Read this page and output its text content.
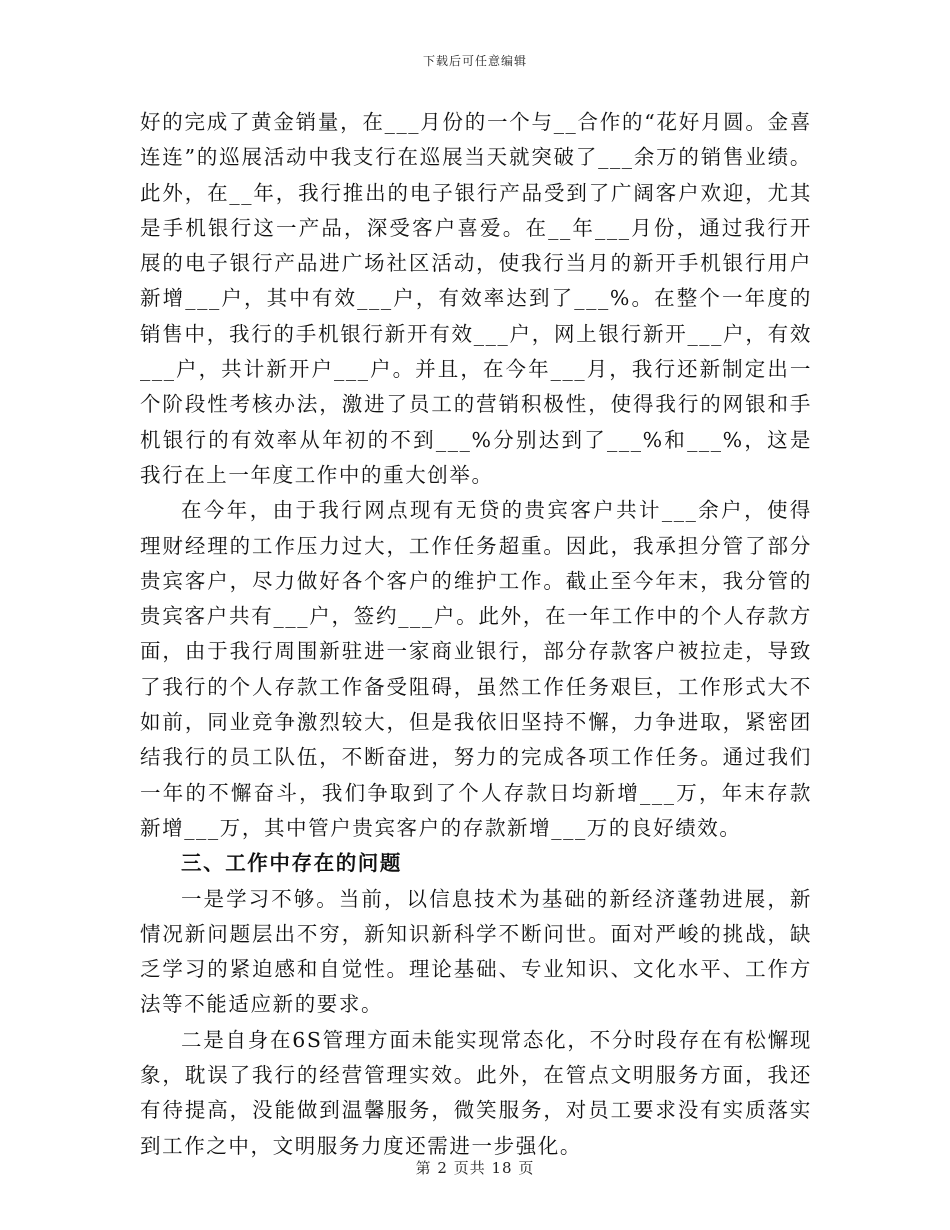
下载后可任意编辑

好的完成了黄金销量，在___月份的一个与__合作的“花好月圆。金喜连连”的巡展活动中我支行在巡展当天就突破了___余万的销售业绩。此外，在__年，我行推出的电子银行产品受到了广阔客户欢迎，尤其是手机银行这一产品，深受客户喜爱。在__年___月份，通过我行开展的电子银行产品进广场社区活动，使我行当月的新开手机银行用户新增___户，其中有效___户，有效率达到了___%。在整个一年度的销售中，我行的手机银行新开有效___户，网上银行新开___户，有效___户，共计新开户___户。并且，在今年___月，我行还新制定出一个阶段性考核办法，激进了员工的营销积极性，使得我行的网银和手机银行的有效率从年初的不到___%分别达到了___%和___%，这是我行在上一年度工作中的重大创举。

在今年，由于我行网点现有无贷的贵宾客户共计___余户，使得理财经理的工作压力过大，工作任务超重。因此，我承担分管了部分贵宾客户，尽力做好各个客户的维护工作。截止至今年末，我分管的贵宾客户共有___户，签约___户。此外，在一年工作中的个人存款方面，由于我行周围新驻进一家商业银行，部分存款客户被拉走，导致了我行的个人存款工作备受阻碍，虽然工作任务艰巨，工作形式大不如前，同业竞争激烈较大，但是我依旧坚持不懈，力争进取，紧密团结我行的员工队伍，不断奋进，努力的完成各项工作任务。通过我们一年的不懈奋斗，我们争取到了个人存款日均新增___万，年末存款新增___万，其中管户贵宾客户的存款新增___万的良好绩效。

三、工作中存在的问题

一是学习不够。当前，以信息技术为基础的新经济蓬勃进展，新情况新问题层出不穷，新知识新科学不断问世。面对严峻的挑战，缺乏学习的紧迫感和自觉性。理论基础、专业知识、文化水平、工作方法等不能适应新的要求。

二是自身在6S管理方面未能实现常态化，不分时段存在有松懈现象，耽误了我行的经营管理实效。此外，在管点文明服务方面，我还有待提高，没能做到温馨服务，微笑服务，对员工要求没有实质落实到工作之中，文明服务力度还需进一步强化。

第 2 页共 18 页
